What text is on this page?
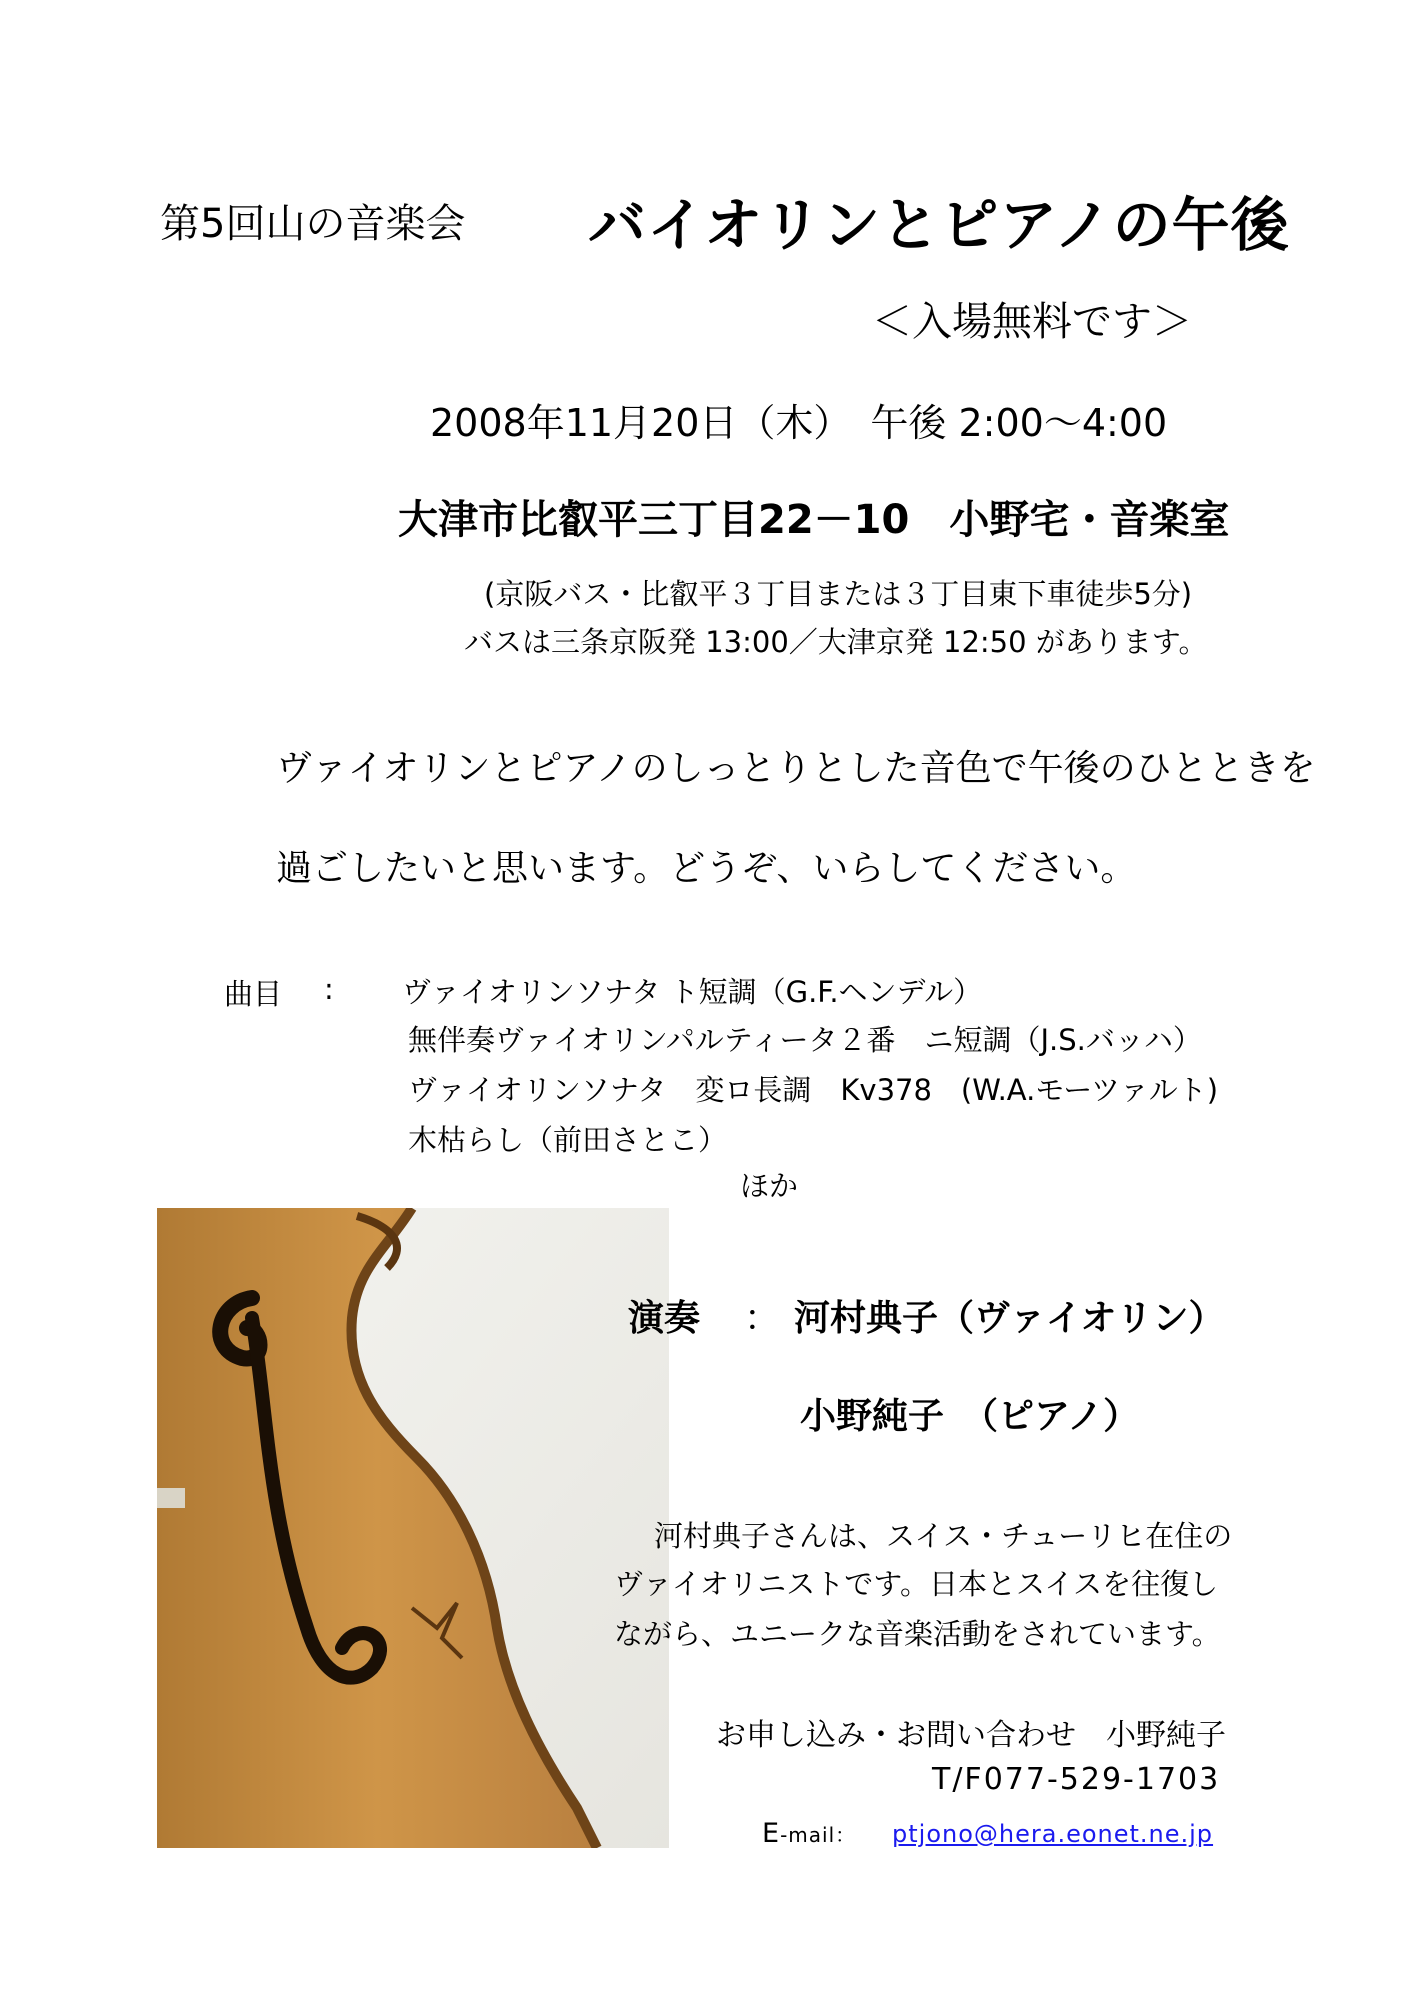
第5回山の音楽会 バイオリンとピアノの午後
＜入場無料です＞
2008年11月20日（木）　午後 2:00〜4:00
大津市比叡平三丁目22－10　小野宅・音楽室
(京阪バス・比叡平３丁目または３丁目東下車徒歩5分)
バスは三条京阪発 13:00／大津京発 12:50 があります。
ヴァイオリンとピアノのしっとりとした音色で午後のひとときを
過ごしたいと思います。どうぞ、いらしてください。
曲目 : ヴァイオリンソナタ ト短調（G.F.ヘンデル）
無伴奏ヴァイオリンパルティータ２番　ニ短調（J.S.バッハ）
ヴァイオリンソナタ　変ロ長調　Kv378　(W.A.モーツァルト)
木枯らし（前田さとこ）
ほか
演奏 ： 河村典子（ヴァイオリン）
小野純子　（ピアノ）
河村典子さんは、スイス・チューリヒ在住の
ヴァイオリニストです。日本とスイスを往復し
ながら、ユニークな音楽活動をされています。
お申し込み・お問い合わせ　小野純子
T/F077-529-1703
E-mail： ptjono@hera.eonet.ne.jp
